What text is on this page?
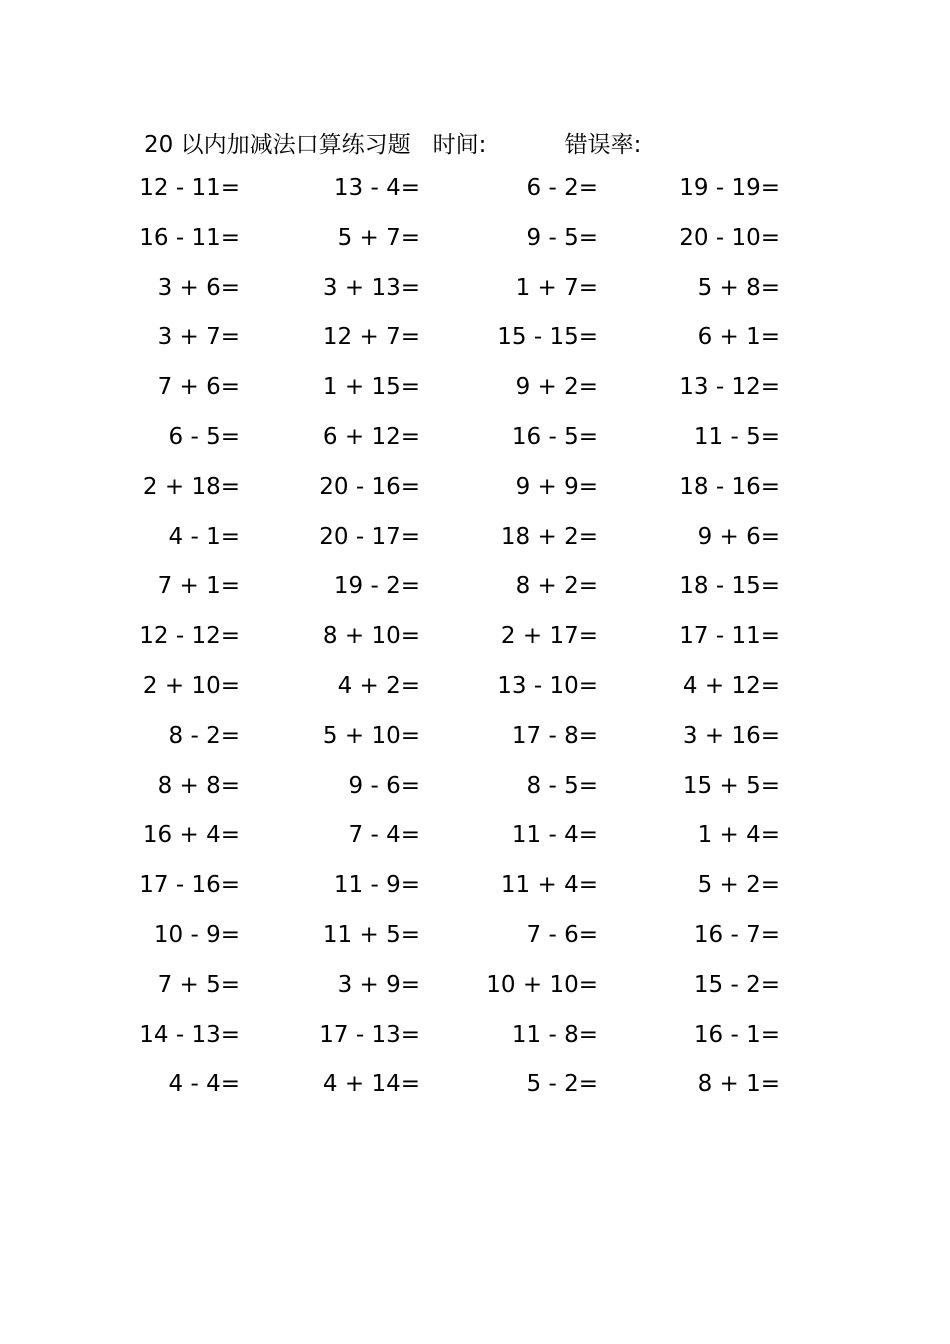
20 以内加减法口算练习题 时间:	错误率:
12 - 11=	13 - 4=	6 - 2=	19 - 19=
16 - 11=	5 + 7=	9 - 5=	20 - 10=
3 + 6=	3 + 13=	1 + 7=	5 + 8=
3 + 7=	12 + 7=	15 - 15=	6 + 1=
7 + 6=	1 + 15=	9 + 2=	13 - 12=
6 - 5=	6 + 12=	16 - 5=	11 - 5=
2 + 18=	20 - 16=	9 + 9=	18 - 16=
4 - 1=	20 - 17=	18 + 2=	9 + 6=
7 + 1=	19 - 2=	8 + 2=	18 - 15=
12 - 12=	8 + 10=	2 + 17=	17 - 11=
2 + 10=	4 + 2=	13 - 10=	4 + 12=
8 - 2=	5 + 10=	17 - 8=	3 + 16=
8 + 8=	9 - 6=	8 - 5=	15 + 5=
16 + 4=	7 - 4=	11 - 4=	1 + 4=
17 - 16=	11 - 9=	11 + 4=	5 + 2=
10 - 9=	11 + 5=	7 - 6=	16 - 7=
7 + 5=	3 + 9=	10 + 10=	15 - 2=
14 - 13=	17 - 13=	11 - 8=	16 - 1=
4 - 4=	4 + 14=	5 - 2=	8 + 1=
